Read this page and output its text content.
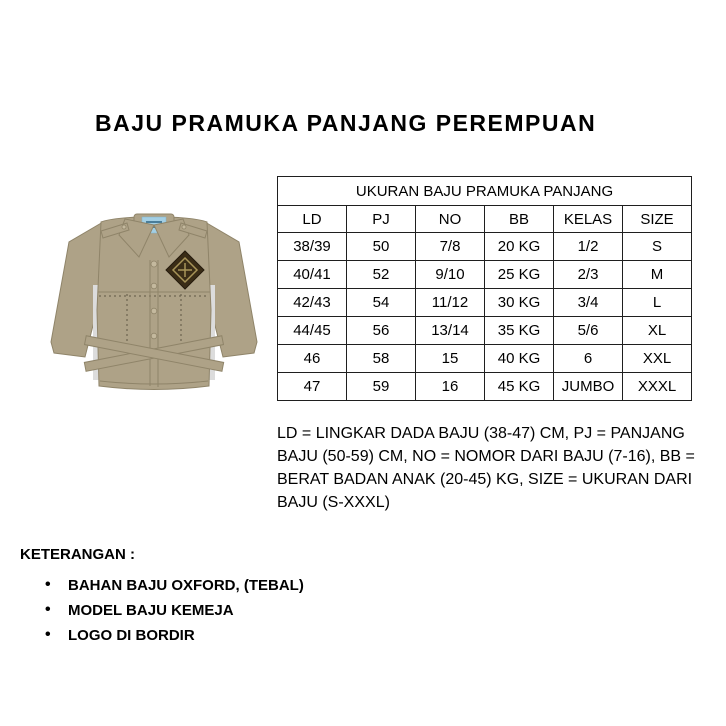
BAJU PRAMUKA PANJANG PEREMPUAN
UKURAN BAJU PRAMUKA PANJANG					
LD	PJ	NO	BB	KELAS	SIZE
38/39	50	7/8	20 KG	1/2	S
40/41	52	9/10	25 KG	2/3	M
42/43	54	11/12	30 KG	3/4	L
44/45	56	13/14	35 KG	5/6	XL
46	58	15	40 KG	6	XXL
47	59	16	45 KG	JUMBO	XXXL

LD = LINGKAR DADA BAJU (38-47) CM, PJ = PANJANG BAJU (50-59) CM, NO = NOMOR DARI BAJU (7-16), BB = BERAT BADAN ANAK (20-45) KG, SIZE = UKURAN DARI BAJU (S-XXXL)

KETERANGAN :
• BAHAN BAJU OXFORD, (TEBAL)
• MODEL BAJU KEMEJA
• LOGO DI BORDIR
